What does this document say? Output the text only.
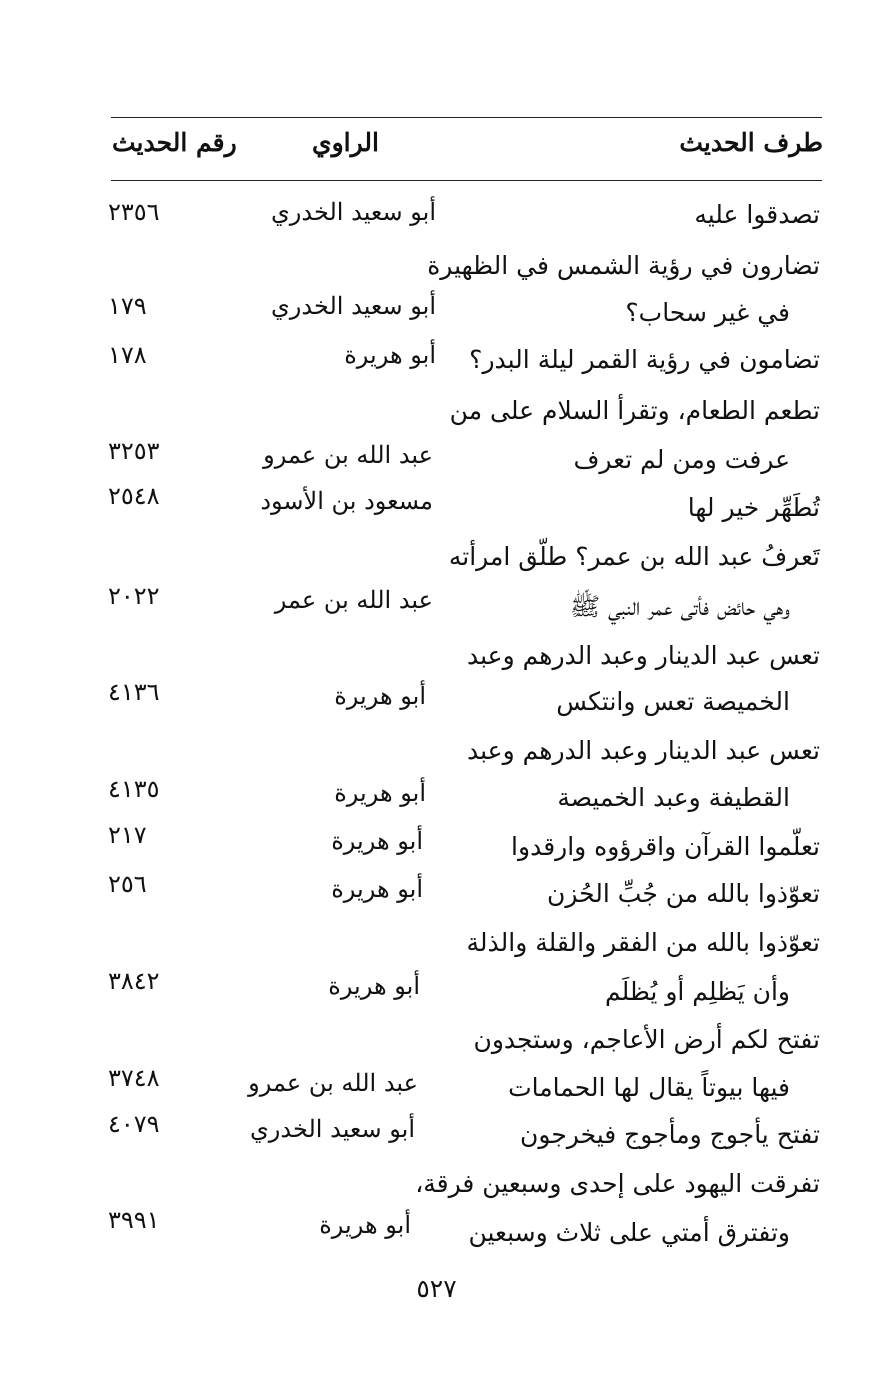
طرف الحديث
الراوي
رقم الحديث
تصدقوا عليه
أبو سعيد الخدري
٢٣٥٦
تضارون في رؤية الشمس في الظهيرة
في غير سحاب؟
أبو سعيد الخدري
١٧٩
تضامون في رؤية القمر ليلة البدر؟
أبو هريرة
١٧٨
تطعم الطعام، وتقرأ السلام على من
عرفت ومن لم تعرف
عبد الله بن عمرو
٣٢٥٣
تُطَهِّر خير لها
مسعود بن الأسود
٢٥٤٨
تَعرفُ عبد الله بن عمر؟ طلّق امرأته
وهي حائض فأتى عمر النبي ﷺ
عبد الله بن عمر
٢٠٢٢
تعس عبد الدينار وعبد الدرهم وعبد
الخميصة تعس وانتكس
أبو هريرة
٤١٣٦
تعس عبد الدينار وعبد الدرهم وعبد
القطيفة وعبد الخميصة
أبو هريرة
٤١٣٥
تعلّموا القرآن واقرؤوه وارقدوا
أبو هريرة
٢١٧
تعوّذوا بالله من جُبِّ الحُزن
أبو هريرة
٢٥٦
تعوّذوا بالله من الفقر والقلة والذلة
وأن يَظلِم أو يُظلَم
أبو هريرة
٣٨٤٢
تفتح لكم أرض الأعاجم، وستجدون
فيها بيوتاً يقال لها الحمامات
عبد الله بن عمرو
٣٧٤٨
تفتح يأجوج ومأجوج فيخرجون
أبو سعيد الخدري
٤٠٧٩
تفرقت اليهود على إحدى وسبعين فرقة،
وتفترق أمتي على ثلاث وسبعين
أبو هريرة
٣٩٩١
٥٢٧
